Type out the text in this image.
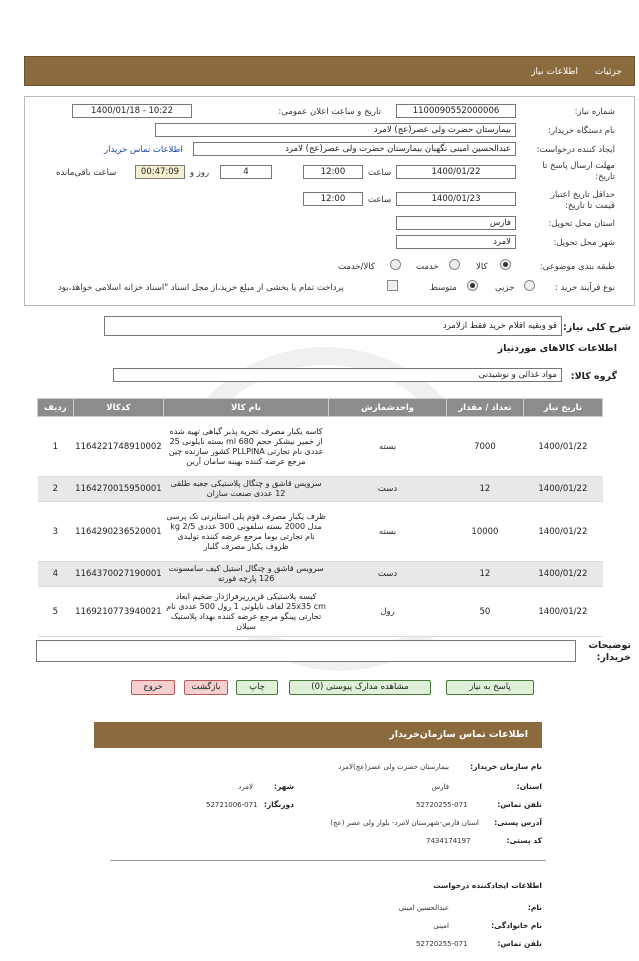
جزئیات
اطلاعات نیاز
شماره نیاز:
1100090552000006
تاریخ و ساعت اعلان عمومی:
1400/01/18 - 10:22
نام دستگاه خریدار:
بیمارستان حضرت ولی عصر(عج) لامرد
ایجاد کننده درخواست:
عبدالحسین امینی نگهبان بیمارستان حضرت ولی عصر(عج) لامرد
اطلاعات تماس خریدار
مهلت ارسال پاسخ تا تاریخ:
1400/01/22
ساعت
12:00
4
روز و
00:47:09
ساعت باقی‌مانده
حداقل تاریخ اعتبار قیمت تا تاریخ:
1400/01/23
ساعت
12:00
استان محل تحویل:
فارس
شهر محل تحویل:
لامرد
طبقه بندی موضوعی:
کالا
خدمت
کالا/خدمت
نوع فرآیند خرید :
جزیی
متوسط
پرداخت تمام یا بخشی از مبلغ خرید،از محل اسناد "اسناد خزانه اسلامی خواهد،بود
شرح کلی نیاز:
قو وبقیه اقلام خرید فقط ازلامرد
اطلاعات کالاهای موردنیاز
گروه کالا:
مواد غذائی و نوشیدنی
تاریخ نیاز	تعداد / مقدار	واحدشمارش	نام کالا	کدکالا	ردیف
1400/01/22	7000	بسته	کاسه یکبار مصرف تجزیه پذیر گیاهی تهیه شده از خمیر نیشکر حجم 680 ml بسته نایلونی 25 عددی نام تجارتی PLLPINA کشور سازنده چین مرجع عرضه کننده بهینه سامان آرین	1164221748910002	1
1400/01/22	12	دست	سرویس قاشق و چنگال پلاستیکی جعبه طلقی 12 عددی صنعت سازان	1164270015950001	2
1400/01/22	10000	بسته	ظرف یکبار مصرف فوم پلی استایرنی تک پرسی مدل 2000 بسته سلفونی 300 عددی kg 2/5 نام تجارتی یوما مرجع عرضه کننده تولیدی ظروف یکبار مصرف گلبار	1164290236520001	3
1400/01/22	12	دست	سرویس قاشق و چنگال استیل کیف سامسونت 126 پارچه فورته	1164370027190001	4
1400/01/22	50	رول	کیسه پلاستیکی فریزرپرفراژدار ضخیم ابعاد 25x35 cm لفاف نایلونی 1 رول 500 عددی نام تجارتی پینگو مرجع عرضه کننده بهداد پلاستیک سیلان	1169210773940021	5
توضیحات خریدار:
پاسخ به نیاز
مشاهده مدارک پیوستی (0)
چاپ
بازگشت
خروج
اطلاعات تماس سازمان‌خریدار
نام سازمان خریدار:
بیمارستان حضرت ولی عصر(عج)لامرد
استان:
فارس
شهر:
لامرد
تلفن تماس:
52720255-071
دورنگار:
52721006-071
آدرس پستی:
استان فارس-شهرستان لامرد- بلوار ولی عصر (عج)
کد پستی:
7434174197
اطلاعات ایجادکننده درخواست
نام:
عبدالحسین امینی
نام خانوادگی:
امینی
تلفن تماس:
52720255-071
